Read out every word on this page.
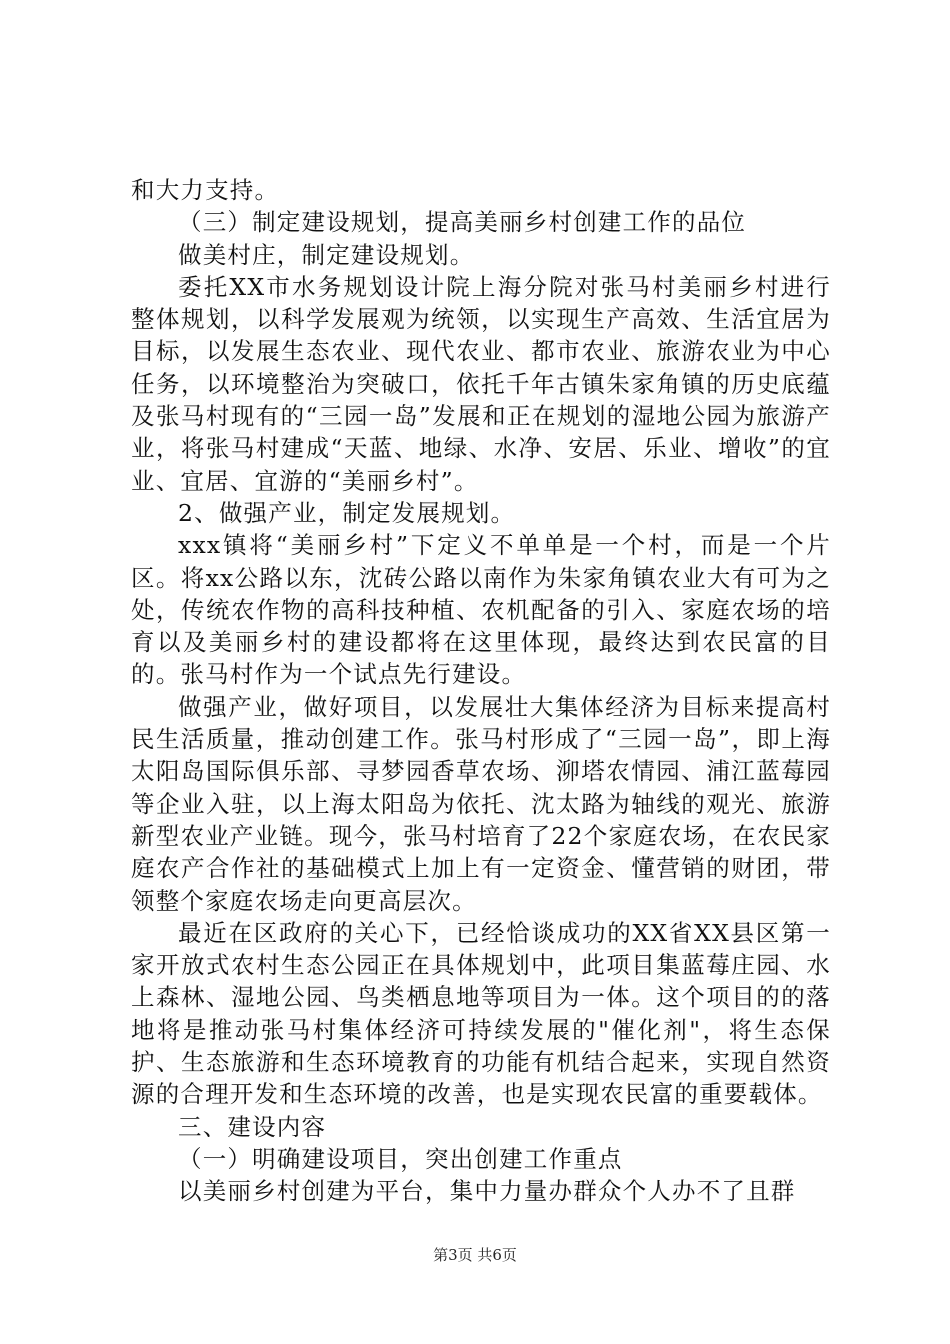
和大力支持。

（三）制定建设规划，提高美丽乡村创建工作的品位

做美村庄，制定建设规划。

委托XX市水务规划设计院上海分院对张马村美丽乡村进行整体规划，以科学发展观为统领，以实现生产高效、生活宜居为目标，以发展生态农业、现代农业、都市农业、旅游农业为中心任务，以环境整治为突破口，依托千年古镇朱家角镇的历史底蕴及张马村现有的“三园一岛”发展和正在规划的湿地公园为旅游产业，将张马村建成“天蓝、地绿、水净、安居、乐业、增收”的宜业、宜居、宜游的“美丽乡村”。

2、做强产业，制定发展规划。

xxx镇将“美丽乡村”下定义不单单是一个村，而是一个片区。将xx公路以东，沈砖公路以南作为朱家角镇农业大有可为之处，传统农作物的高科技种植、农机配备的引入、家庭农场的培育以及美丽乡村的建设都将在这里体现，最终达到农民富的目的。张马村作为一个试点先行建设。

做强产业，做好项目，以发展壮大集体经济为目标来提高村民生活质量，推动创建工作。张马村形成了“三园一岛”，即上海太阳岛国际俱乐部、寻梦园香草农场、泖塔农情园、浦江蓝莓园等企业入驻，以上海太阳岛为依托、沈太路为轴线的观光、旅游新型农业产业链。现今，张马村培育了22个家庭农场，在农民家庭农产合作社的基础模式上加上有一定资金、懂营销的财团，带领整个家庭农场走向更高层次。

最近在区政府的关心下，已经恰谈成功的XX省XX县区第一家开放式农村生态公园正在具体规划中，此项目集蓝莓庄园、水上森林、湿地公园、鸟类栖息地等项目为一体。这个项目的的落地将是推动张马村集体经济可持续发展的"催化剂"，将生态保护、生态旅游和生态环境教育的功能有机结合起来，实现自然资源的合理开发和生态环境的改善，也是实现农民富的重要载体。

三、建设内容

（一）明确建设项目，突出创建工作重点

以美丽乡村创建为平台，集中力量办群众个人办不了且群

第3页 共6页
